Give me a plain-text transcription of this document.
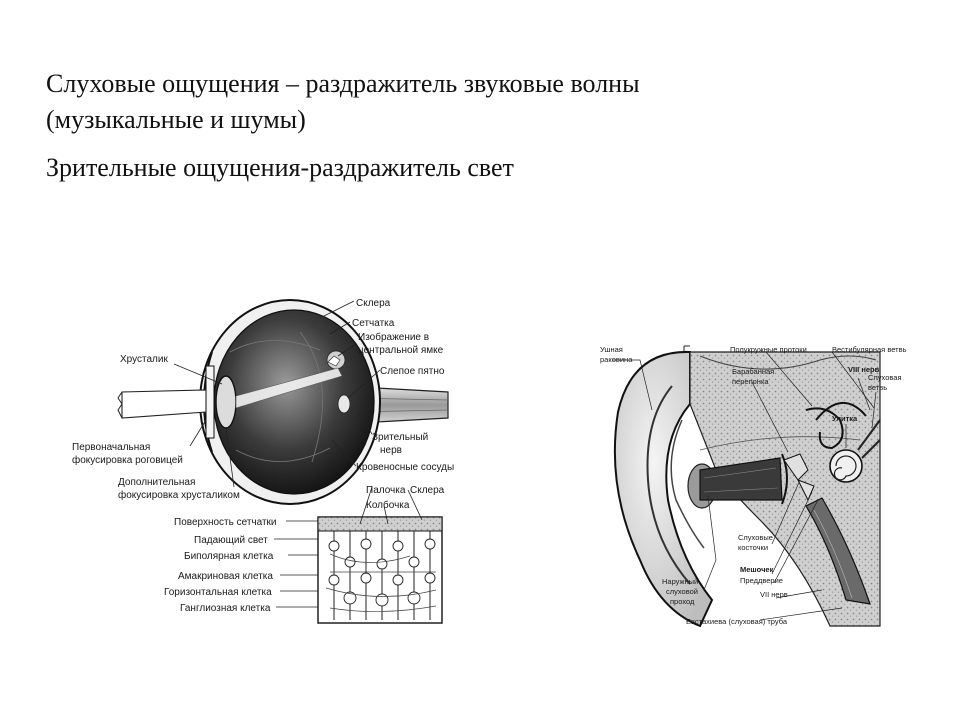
Слуховые ощущения – раздражитель звуковые волны
(музыкальные и шумы)
Зрительные ощущения-раздражитель свет
Склера
Сетчатка
Изображение в
центральной ямке
Хрусталик
Слепое пятно
Зрительный
нерв
Первоначальная
фокусировка роговицей
Кровеносные сосуды
Дополнительная
фокусировка хрусталиком	Палочка Склера
Колбочка
Поверхность сетчатки
Падающий свет
Биполярная клетка
Амакриновая клетка
Горизонтальная клетка
Ганглиозная клетка
Ушная
раковина
Полукружные протоки	Вестибулярная ветвь
Барабанная
перепонка
VIII нерв
Слуховая
ветвь
Улитка
Слуховые
косточки
Мешочек
Преддверие
Наружный
слуховой
проход
VII нерв
Евстахиева (слуховая) труба
